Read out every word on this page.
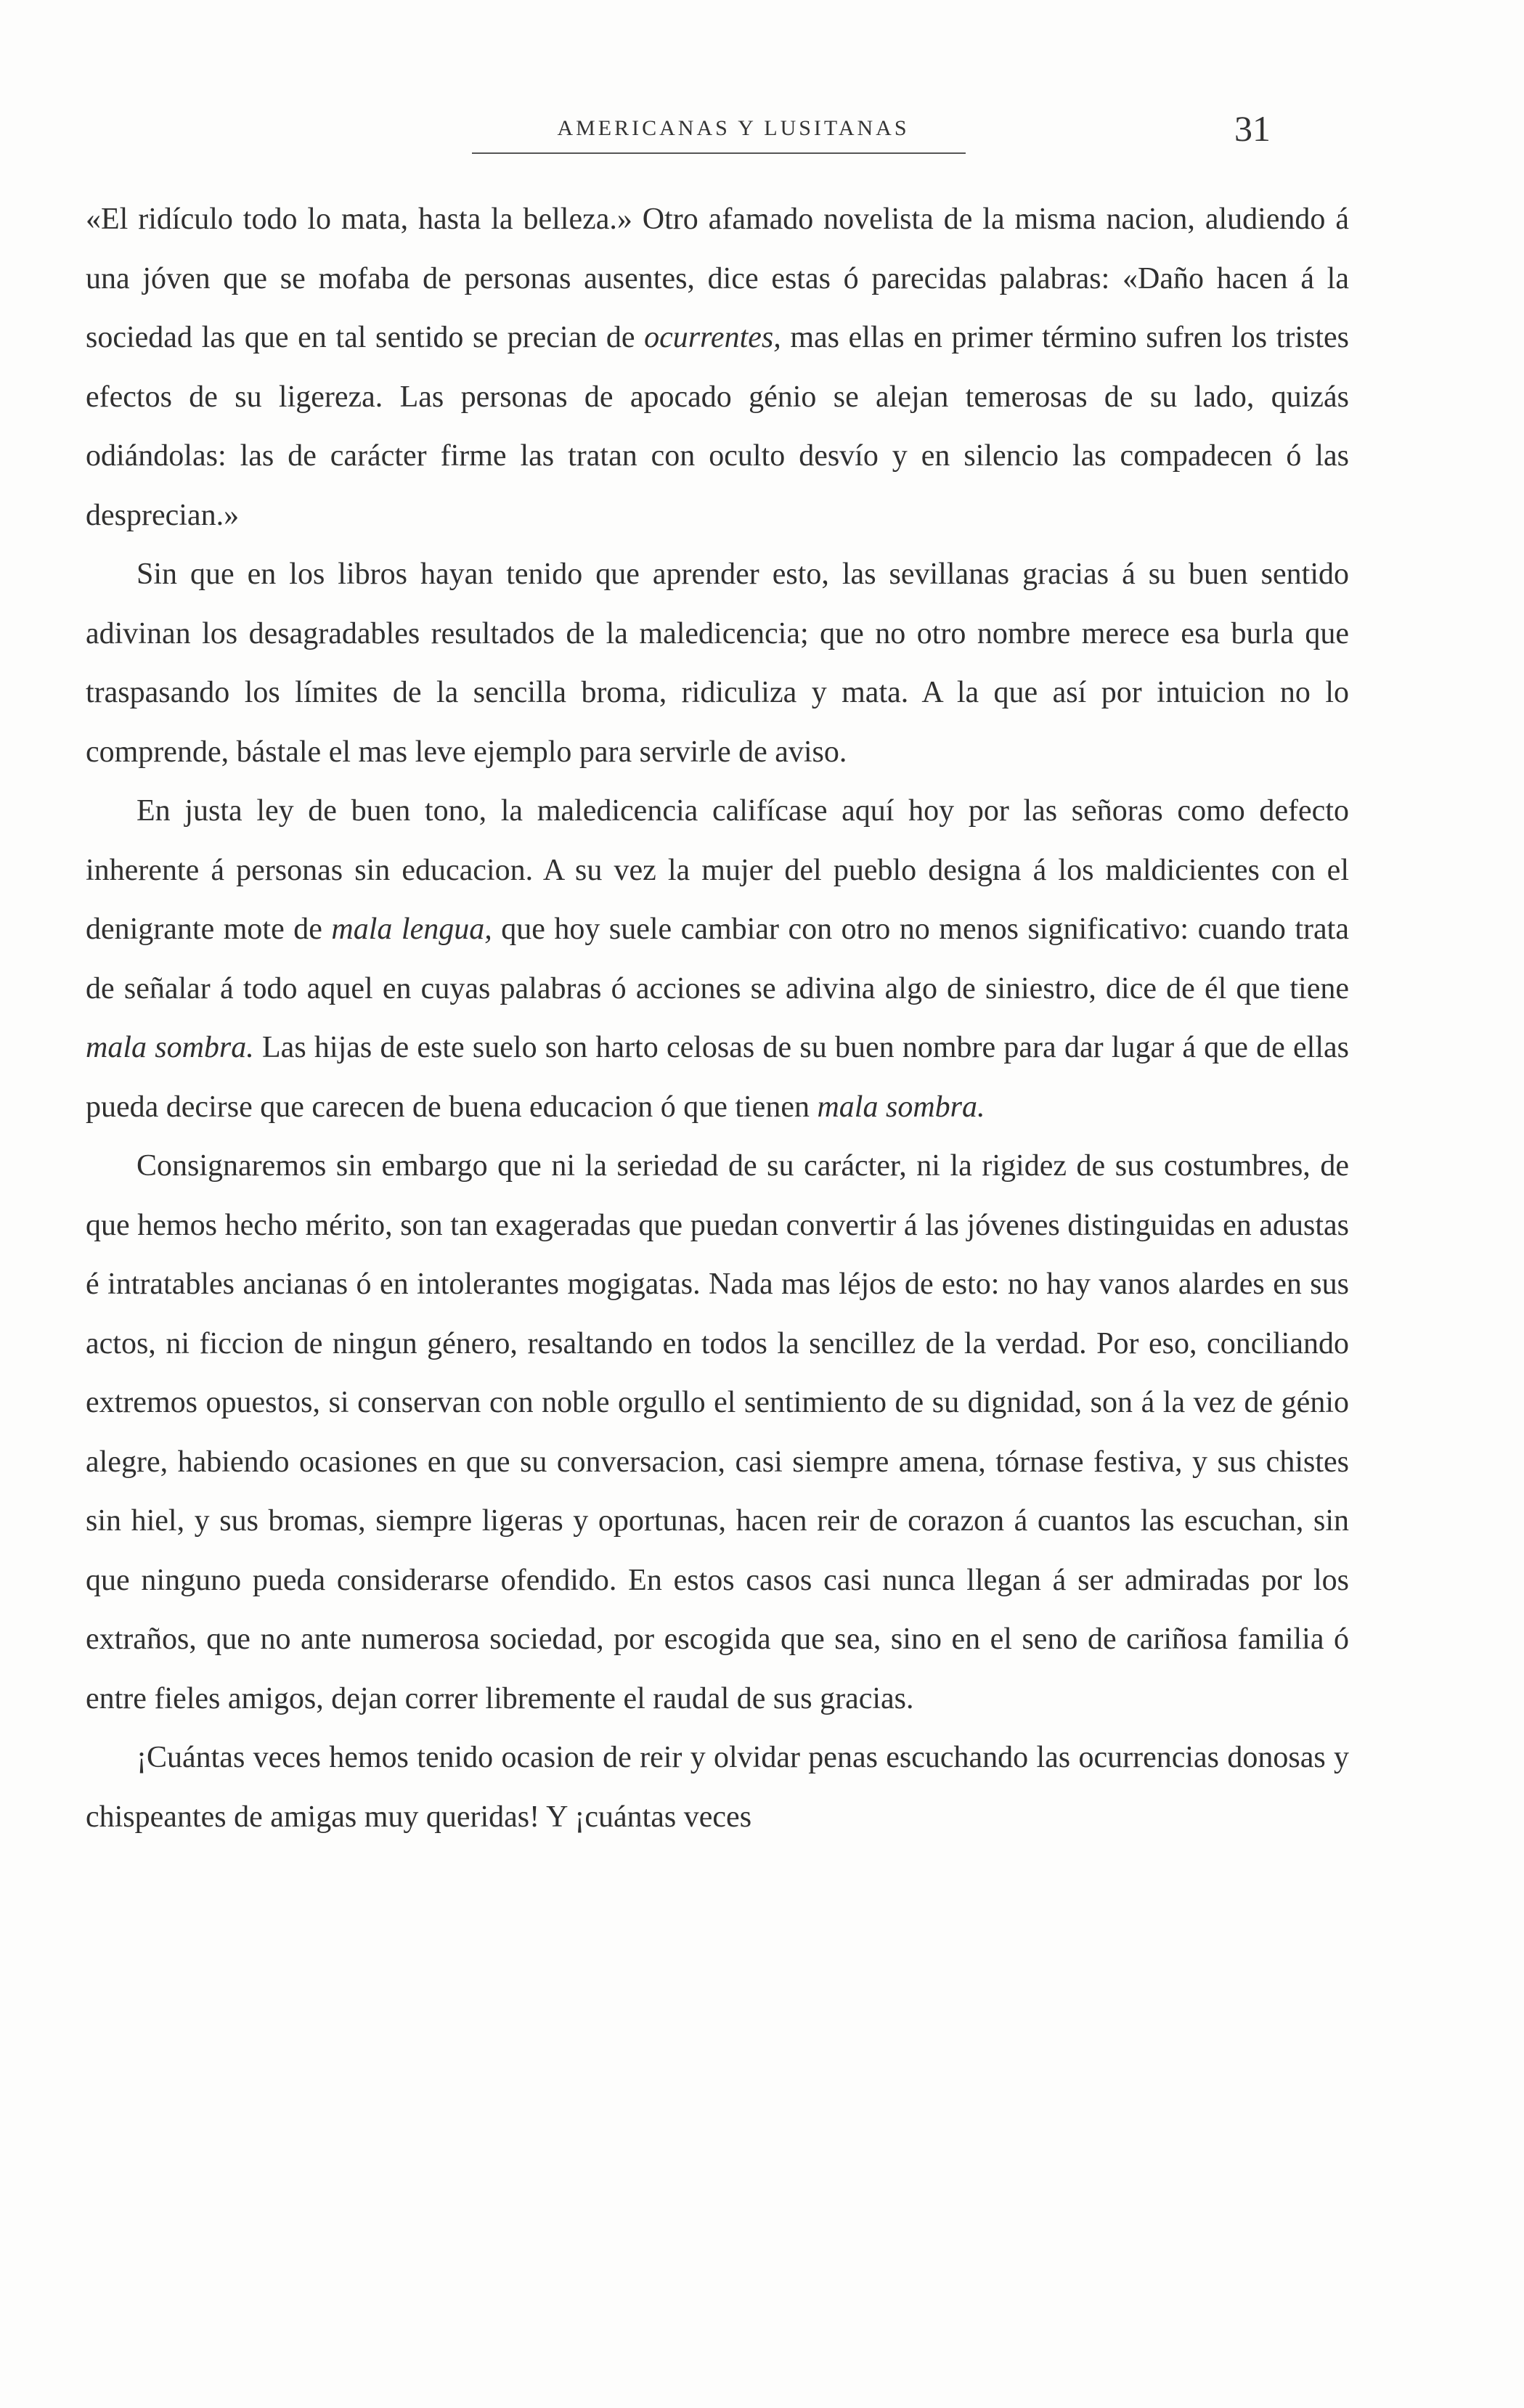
AMERICANAS Y LUSITANAS	31

«El ridículo todo lo mata, hasta la belleza.» Otro afamado novelista de la misma nacion, aludiendo á una jóven que se mofaba de personas ausentes, dice estas ó parecidas palabras: «Daño hacen á la sociedad las que en tal sentido se precian de ocurrentes, mas ellas en primer término sufren los tristes efectos de su ligereza. Las personas de apocado génio se alejan temerosas de su lado, quizás odiándolas: las de carácter firme las tratan con oculto desvío y en silencio las compadecen ó las desprecian.»

Sin que en los libros hayan tenido que aprender esto, las sevillanas gracias á su buen sentido adivinan los desagradables resultados de la maledicencia; que no otro nombre merece esa burla que traspasando los límites de la sencilla broma, ridiculiza y mata. A la que así por intuicion no lo comprende, bástale el mas leve ejemplo para servirle de aviso.

En justa ley de buen tono, la maledicencia califícase aquí hoy por las señoras como defecto inherente á personas sin educacion. A su vez la mujer del pueblo designa á los maldicientes con el denigrante mote de mala lengua, que hoy suele cambiar con otro no menos significativo: cuando trata de señalar á todo aquel en cuyas palabras ó acciones se adivina algo de siniestro, dice de él que tiene mala sombra. Las hijas de este suelo son harto celosas de su buen nombre para dar lugar á que de ellas pueda decirse que carecen de buena educacion ó que tienen mala sombra.

Consignaremos sin embargo que ni la seriedad de su carácter, ni la rigidez de sus costumbres, de que hemos hecho mérito, son tan exageradas que puedan convertir á las jóvenes distinguidas en adustas é intratables ancianas ó en intolerantes mogigatas. Nada mas léjos de esto: no hay vanos alardes en sus actos, ni ficcion de ningun género, resaltando en todos la sencillez de la verdad. Por eso, conciliando extremos opuestos, si conservan con noble orgullo el sentimiento de su dignidad, son á la vez de génio alegre, habiendo ocasiones en que su conversacion, casi siempre amena, tórnase festiva, y sus chistes sin hiel, y sus bromas, siempre ligeras y oportunas, hacen reir de corazon á cuantos las escuchan, sin que ninguno pueda considerarse ofendido. En estos casos casi nunca llegan á ser admiradas por los extraños, que no ante numerosa sociedad, por escogida que sea, sino en el seno de cariñosa familia ó entre fieles amigos, dejan correr libremente el raudal de sus gracias.

¡Cuántas veces hemos tenido ocasion de reir y olvidar penas escuchando las ocurrencias donosas y chispeantes de amigas muy queridas! Y ¡cuántas veces
